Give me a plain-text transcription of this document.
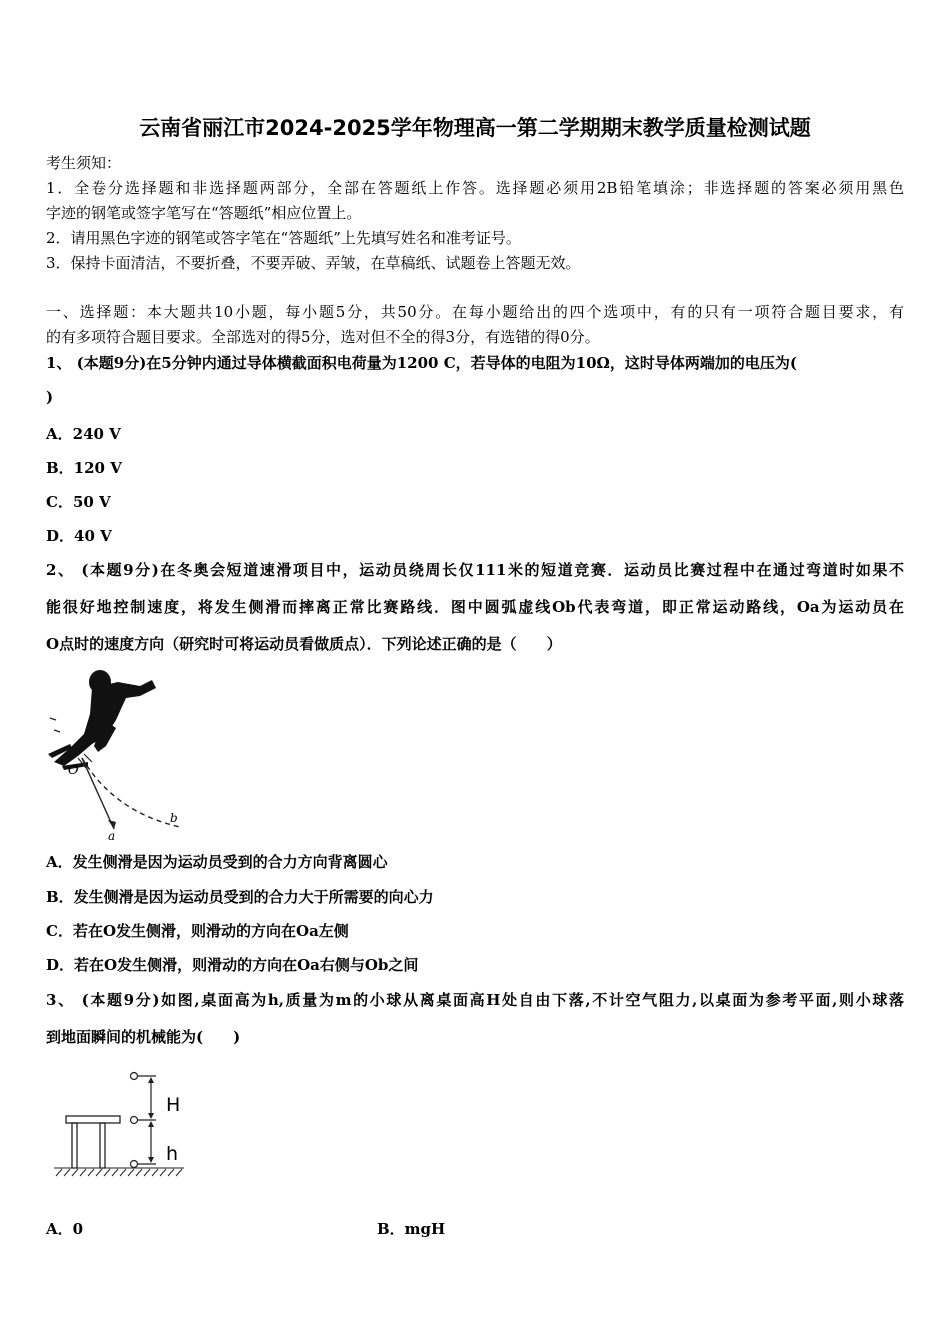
云南省丽江市2024-2025学年物理高一第二学期期末教学质量检测试题
考生须知：
1．全卷分选择题和非选择题两部分，全部在答题纸上作答。选择题必须用2B铅笔填涂；非选择题的答案必须用黑色
字迹的钢笔或签字笔写在“答题纸”相应位置上。
2．请用黑色字迹的钢笔或答字笔在“答题纸”上先填写姓名和准考证号。
3．保持卡面清洁，不要折叠，不要弄破、弄皱，在草稿纸、试题卷上答题无效。
一、选择题：本大题共10小题，每小题5分，共50分。在每小题给出的四个选项中，有的只有一项符合题目要求，有
的有多项符合题目要求。全部选对的得5分，选对但不全的得3分，有选错的得0分。
1、 (本题9分)在5分钟内通过导体横截面积电荷量为1200 C，若导体的电阻为10Ω，这时导体两端加的电压为(
)
A．240 V
B．120 V
C．50 V
D．40 V
2、 (本题9分)在冬奥会短道速滑项目中，运动员绕周长仅111米的短道竞赛．运动员比赛过程中在通过弯道时如果不
能很好地控制速度，将发生侧滑而摔离正常比赛路线．图中圆弧虚线Ob代表弯道，即正常运动路线，Oa为运动员在
O点时的速度方向（研究时可将运动员看做质点）．下列论述正确的是（　　）
O
a
b
A．发生侧滑是因为运动员受到的合力方向背离圆心
B．发生侧滑是因为运动员受到的合力大于所需要的向心力
C．若在O发生侧滑，则滑动的方向在Oa左侧
D．若在O发生侧滑，则滑动的方向在Oa右侧与Ob之间
3、 (本题9分)如图,桌面高为h,质量为m的小球从离桌面高H处自由下落,不计空气阻力,以桌面为参考平面,则小球落
到地面瞬间的机械能为(　　)
H
h
A．0	B．mgH
